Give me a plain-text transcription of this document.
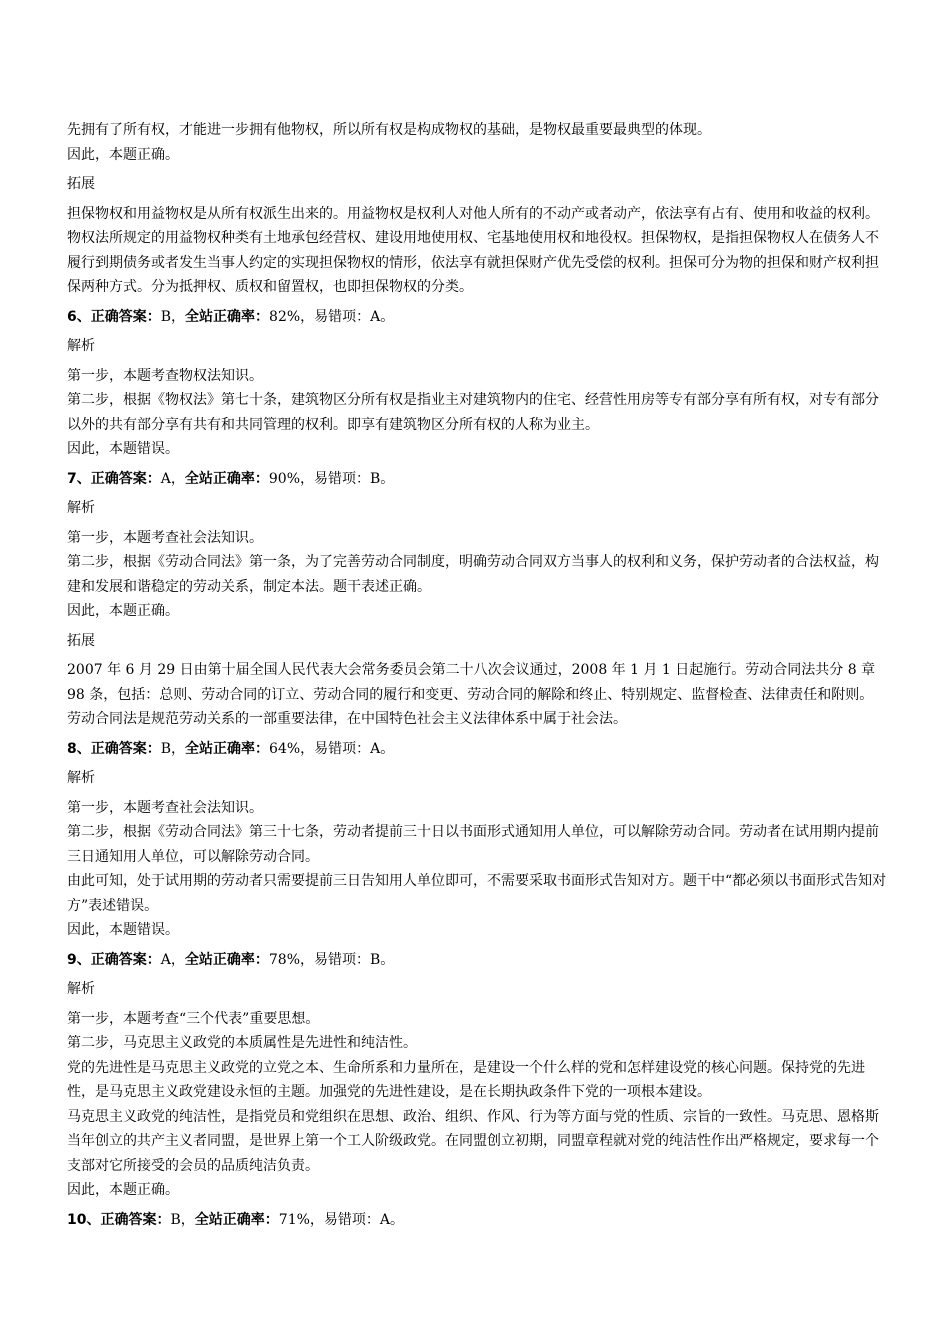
先拥有了所有权，才能进一步拥有他物权，所以所有权是构成物权的基础，是物权最重要最典型的体现。

因此，本题正确。

拓展

担保物权和用益物权是从所有权派生出来的。用益物权是权利人对他人所有的不动产或者动产，依法享有占有、使用和收益的权利。物权法所规定的用益物权种类有土地承包经营权、建设用地使用权、宅基地使用权和地役权。担保物权，是指担保物权人在债务人不履行到期债务或者发生当事人约定的实现担保物权的情形，依法享有就担保财产优先受偿的权利。担保可分为物的担保和财产权利担保两种方式。分为抵押权、质权和留置权，也即担保物权的分类。

6、正确答案：B，全站正确率：82%，易错项：A。

解析

第一步，本题考查物权法知识。

第二步，根据《物权法》第七十条，建筑物区分所有权是指业主对建筑物内的住宅、经营性用房等专有部分享有所有权，对专有部分以外的共有部分享有共有和共同管理的权利。即享有建筑物区分所有权的人称为业主。

因此，本题错误。

7、正确答案：A，全站正确率：90%，易错项：B。

解析

第一步，本题考查社会法知识。

第二步，根据《劳动合同法》第一条，为了完善劳动合同制度，明确劳动合同双方当事人的权利和义务，保护劳动者的合法权益，构建和发展和谐稳定的劳动关系，制定本法。题干表述正确。

因此，本题正确。

拓展

2007 年 6 月 29 日由第十届全国人民代表大会常务委员会第二十八次会议通过，2008 年 1 月 1 日起施行。劳动合同法共分 8 章 98 条，包括：总则、劳动合同的订立、劳动合同的履行和变更、劳动合同的解除和终止、特别规定、监督检查、法律责任和附则。劳动合同法是规范劳动关系的一部重要法律，在中国特色社会主义法律体系中属于社会法。

8、正确答案：B，全站正确率：64%，易错项：A。

解析

第一步，本题考查社会法知识。

第二步，根据《劳动合同法》第三十七条，劳动者提前三十日以书面形式通知用人单位，可以解除劳动合同。劳动者在试用期内提前三日通知用人单位，可以解除劳动合同。

由此可知，处于试用期的劳动者只需要提前三日告知用人单位即可，不需要采取书面形式告知对方。题干中“都必须以书面形式告知对方”表述错误。

因此，本题错误。

9、正确答案：A，全站正确率：78%，易错项：B。

解析

第一步，本题考查“三个代表”重要思想。

第二步，马克思主义政党的本质属性是先进性和纯洁性。

党的先进性是马克思主义政党的立党之本、生命所系和力量所在，是建设一个什么样的党和怎样建设党的核心问题。保持党的先进性，是马克思主义政党建设永恒的主题。加强党的先进性建设，是在长期执政条件下党的一项根本建设。

马克思主义政党的纯洁性，是指党员和党组织在思想、政治、组织、作风、行为等方面与党的性质、宗旨的一致性。马克思、恩格斯当年创立的共产主义者同盟，是世界上第一个工人阶级政党。在同盟创立初期，同盟章程就对党的纯洁性作出严格规定，要求每一个支部对它所接受的会员的品质纯洁负责。

因此，本题正确。

10、正确答案：B，全站正确率：71%，易错项：A。
